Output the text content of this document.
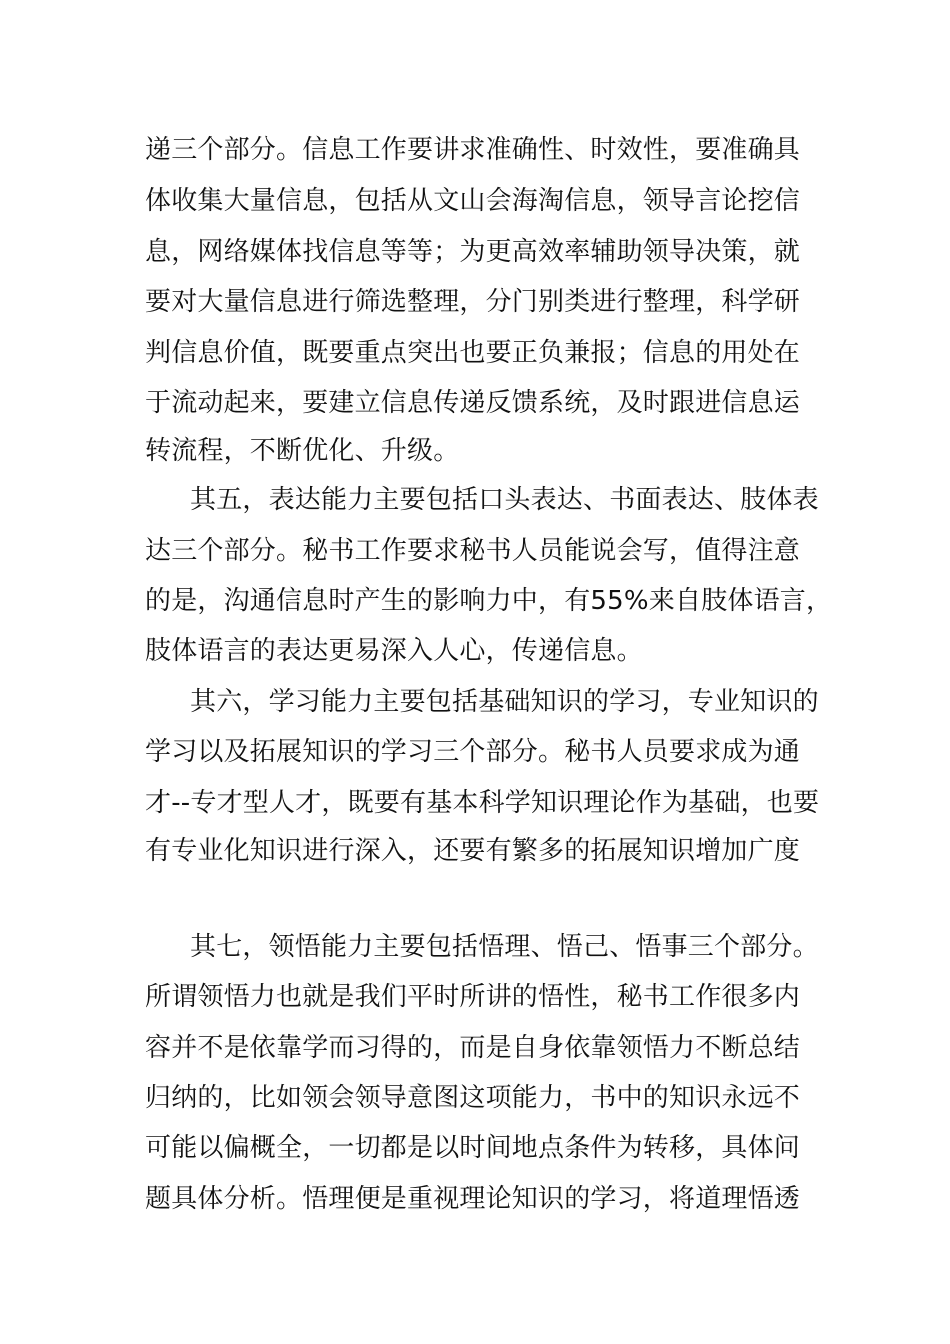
递三个部分。信息工作要讲求准确性、时效性，要准确具
体收集大量信息，包括从文山会海淘信息，领导言论挖信
息，网络媒体找信息等等；为更高效率辅助领导决策，就
要对大量信息进行筛选整理，分门别类进行整理，科学研
判信息价值，既要重点突出也要正负兼报；信息的用处在
于流动起来，要建立信息传递反馈系统，及时跟进信息运
转流程，不断优化、升级。
其五，表达能力主要包括口头表达、书面表达、肢体表
达三个部分。秘书工作要求秘书人员能说会写，值得注意
的是，沟通信息时产生的影响力中，有55%来自肢体语言，
肢体语言的表达更易深入人心，传递信息。
其六，学习能力主要包括基础知识的学习，专业知识的
学习以及拓展知识的学习三个部分。秘书人员要求成为通
才--专才型人才，既要有基本科学知识理论作为基础，也要
有专业化知识进行深入，还要有繁多的拓展知识增加广度
其七，领悟能力主要包括悟理、悟己、悟事三个部分。
所谓领悟力也就是我们平时所讲的悟性，秘书工作很多内
容并不是依靠学而习得的，而是自身依靠领悟力不断总结
归纳的，比如领会领导意图这项能力，书中的知识永远不
可能以偏概全，一切都是以时间地点条件为转移，具体问
题具体分析。悟理便是重视理论知识的学习，将道理悟透
